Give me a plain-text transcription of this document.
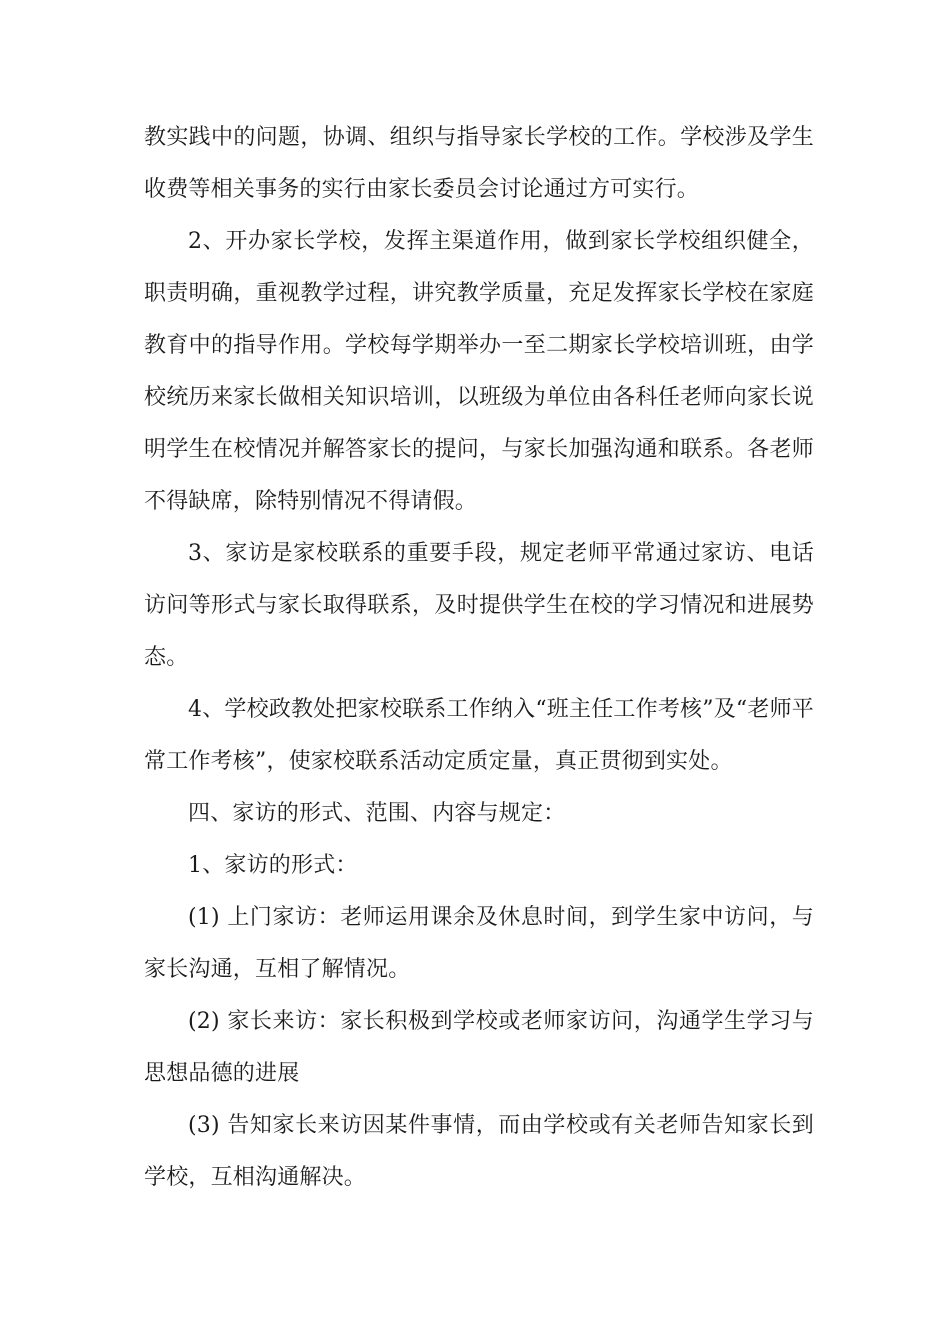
教实践中的问题，协调、组织与指导家长学校的工作。学校涉及学生收费等相关事务的实行由家长委员会讨论通过方可实行。

2、开办家长学校，发挥主渠道作用，做到家长学校组织健全，职责明确，重视教学过程，讲究教学质量，充足发挥家长学校在家庭教育中的指导作用。学校每学期举办一至二期家长学校培训班，由学校统历来家长做相关知识培训，以班级为单位由各科任老师向家长说明学生在校情况并解答家长的提问，与家长加强沟通和联系。各老师不得缺席，除特别情况不得请假。

3、家访是家校联系的重要手段，规定老师平常通过家访、电话访问等形式与家长取得联系，及时提供学生在校的学习情况和进展势态。

4、学校政教处把家校联系工作纳入“班主任工作考核”及“老师平常工作考核”，使家校联系活动定质定量，真正贯彻到实处。

四、家访的形式、范围、内容与规定：

1、家访的形式：

(1) 上门家访：老师运用课余及休息时间，到学生家中访问，与家长沟通，互相了解情况。

(2) 家长来访：家长积极到学校或老师家访问，沟通学生学习与思想品德的进展

(3) 告知家长来访因某件事情，而由学校或有关老师告知家长到学校，互相沟通解决。
